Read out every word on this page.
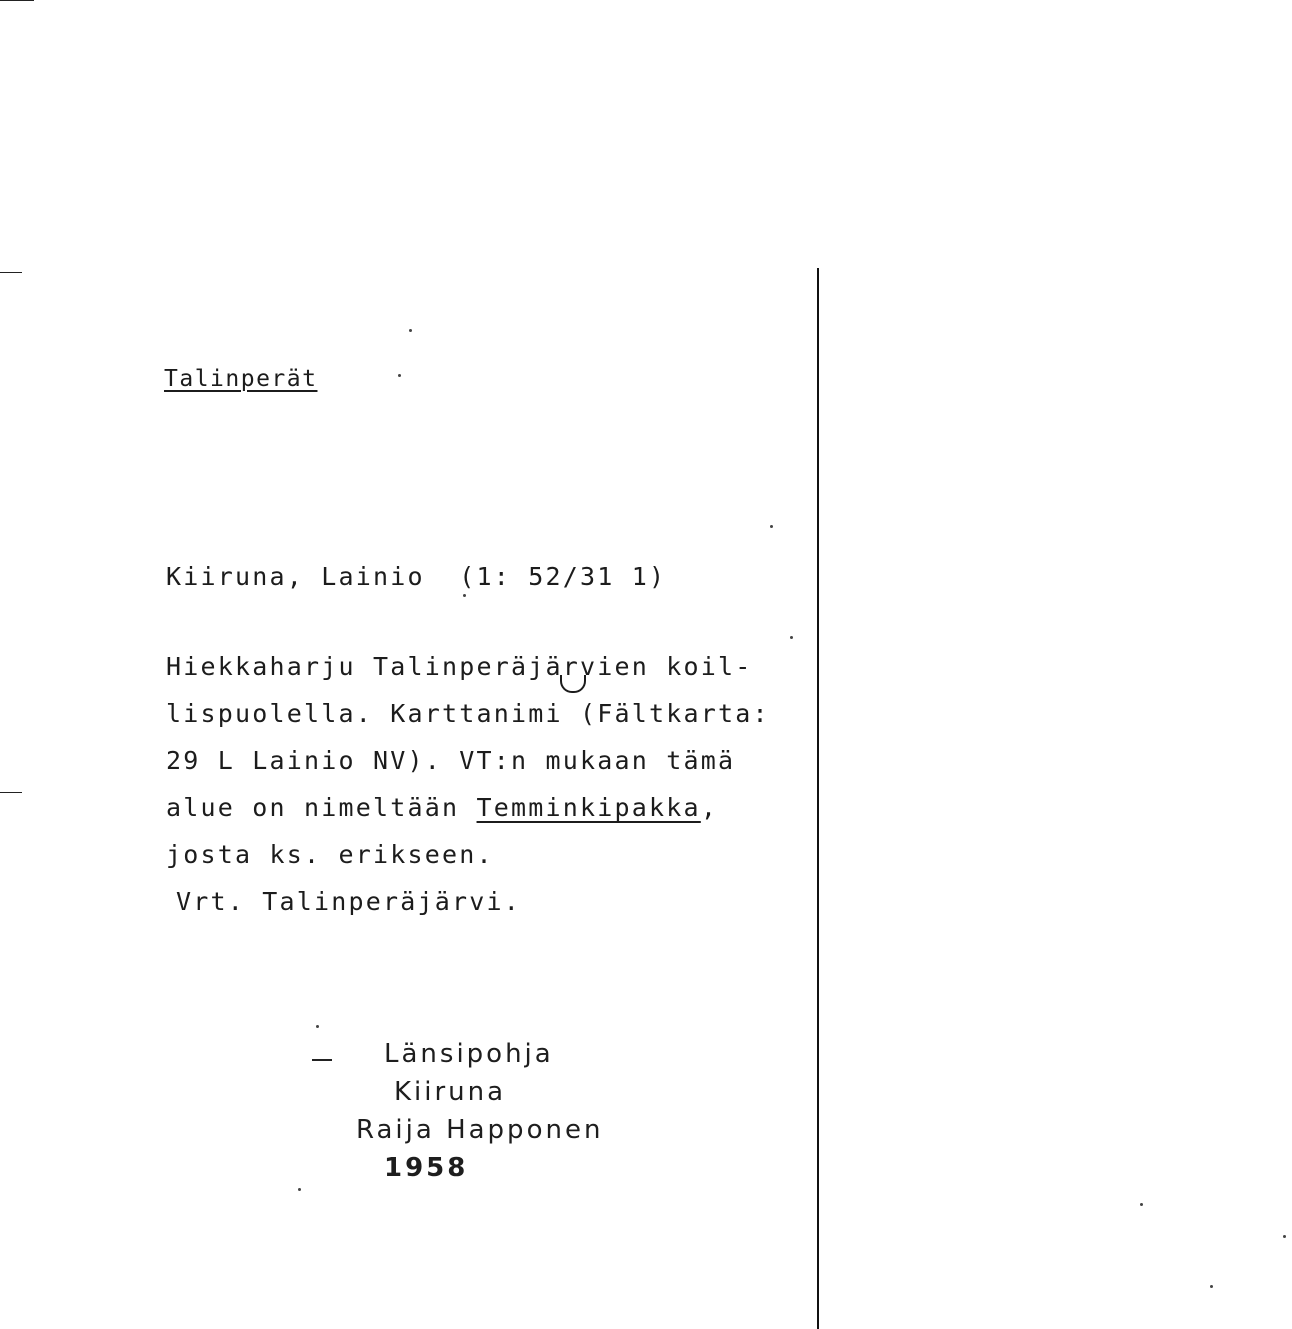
Talinperät
Kiiruna, Lainio  (1: 52/31 1)
Hiekkaharju Talinperäjärvien koil-
lispuolella. Karttanimi (Fältkarta:
29 L Lainio NV). VT:n mukaan tämä
alue on nimeltään Temminkipakka,
josta ks. erikseen.
Vrt. Talinperäjärvi.
Länsipohja
Kiiruna
Raija Happonen
1958
